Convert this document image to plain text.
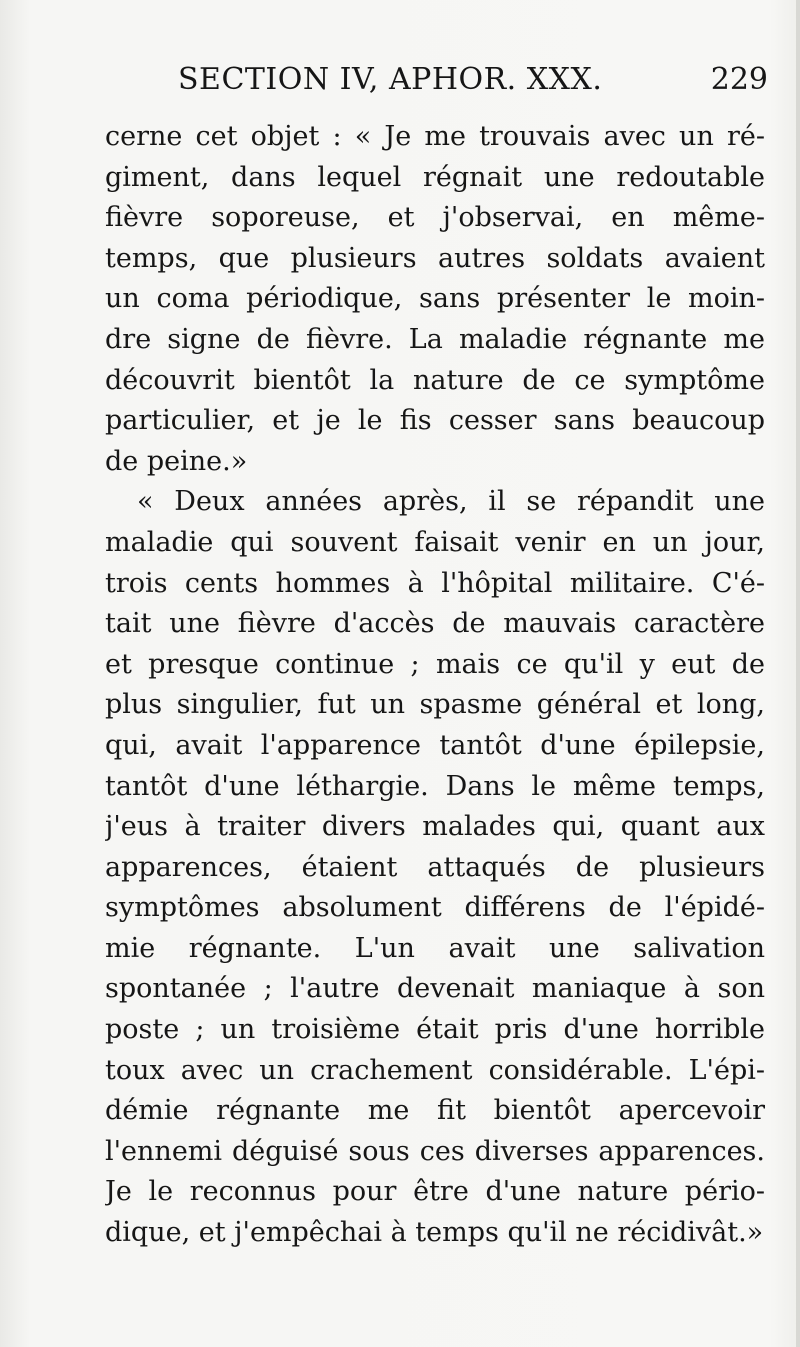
SECTION IV, APHOR. XXX.	229
cerne cet objet : « Je me trouvais avec un ré-
giment, dans lequel régnait une redoutable
fièvre soporeuse, et j'observai, en même-
temps, que plusieurs autres soldats avaient
un coma périodique, sans présenter le moin-
dre signe de fièvre. La maladie régnante me
découvrit bientôt la nature de ce symptôme
particulier, et je le fis cesser sans beaucoup
de peine.»
« Deux années après, il se répandit une
maladie qui souvent faisait venir en un jour,
trois cents hommes à l'hôpital militaire. C'é-
tait une fièvre d'accès de mauvais caractère
et presque continue ; mais ce qu'il y eut de
plus singulier, fut un spasme général et long,
qui, avait l'apparence tantôt d'une épilepsie,
tantôt d'une léthargie. Dans le même temps,
j'eus à traiter divers malades qui, quant aux
apparences, étaient attaqués de plusieurs
symptômes absolument différens de l'épidé-
mie régnante. L'un avait une salivation
spontanée ; l'autre devenait maniaque à son
poste ; un troisième était pris d'une horrible
toux avec un crachement considérable. L'épi-
démie régnante me fit bientôt apercevoir
l'ennemi déguisé sous ces diverses apparences.
Je le reconnus pour être d'une nature pério-
dique, et j'empêchai à temps qu'il ne récidivât.»
